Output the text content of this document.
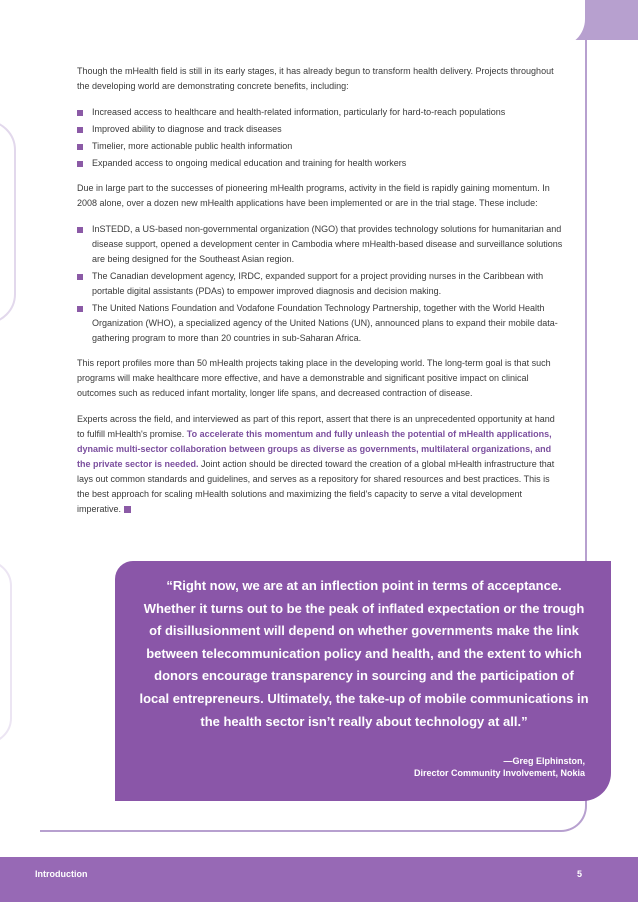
Though the mHealth field is still in its early stages, it has already begun to transform health delivery. Projects throughout the developing world are demonstrating concrete benefits, including:

Increased access to healthcare and health-related information, particularly for hard-to-reach populations
Improved ability to diagnose and track diseases
Timelier, more actionable public health information
Expanded access to ongoing medical education and training for health workers

Due in large part to the successes of pioneering mHealth programs, activity in the field is rapidly gaining momentum. In 2008 alone, over a dozen new mHealth applications have been implemented or are in the trial stage. These include:

InSTEDD, a US-based non-governmental organization (NGO) that provides technology solutions for humanitarian and disease support, opened a development center in Cambodia where mHealth-based disease and surveillance solutions are being designed for the Southeast Asian region.
The Canadian development agency, IRDC, expanded support for a project providing nurses in the Caribbean with portable digital assistants (PDAs) to empower improved diagnosis and decision making.
The United Nations Foundation and Vodafone Foundation Technology Partnership, together with the World Health Organization (WHO), a specialized agency of the United Nations (UN), announced plans to expand their mobile data-gathering program to more than 20 countries in sub-Saharan Africa.

This report profiles more than 50 mHealth projects taking place in the developing world. The long-term goal is that such programs will make healthcare more effective, and have a demonstrable and significant positive impact on clinical outcomes such as reduced infant mortality, longer life spans, and decreased contraction of disease.

Experts across the field, and interviewed as part of this report, assert that there is an unprecedented opportunity at hand to fulfill mHealth's promise. To accelerate this momentum and fully unleash the potential of mHealth applications, dynamic multi-sector collaboration between groups as diverse as governments, multilateral organizations, and the private sector is needed. Joint action should be directed toward the creation of a global mHealth infrastructure that lays out common standards and guidelines, and serves as a repository for shared resources and best practices. This is the best approach for scaling mHealth solutions and maximizing the field's capacity to serve a vital development imperative.

“Right now, we are at an inflection point in terms of acceptance. Whether it turns out to be the peak of inflated expectation or the trough of disillusionment will depend on whether governments make the link between telecommunication policy and health, and the extent to which donors encourage transparency in sourcing and the participation of local entrepreneurs. Ultimately, the take-up of mobile communications in the health sector isn’t really about technology at all.”
—Greg Elphinston,
Director Community Involvement, Nokia
Introduction	5
